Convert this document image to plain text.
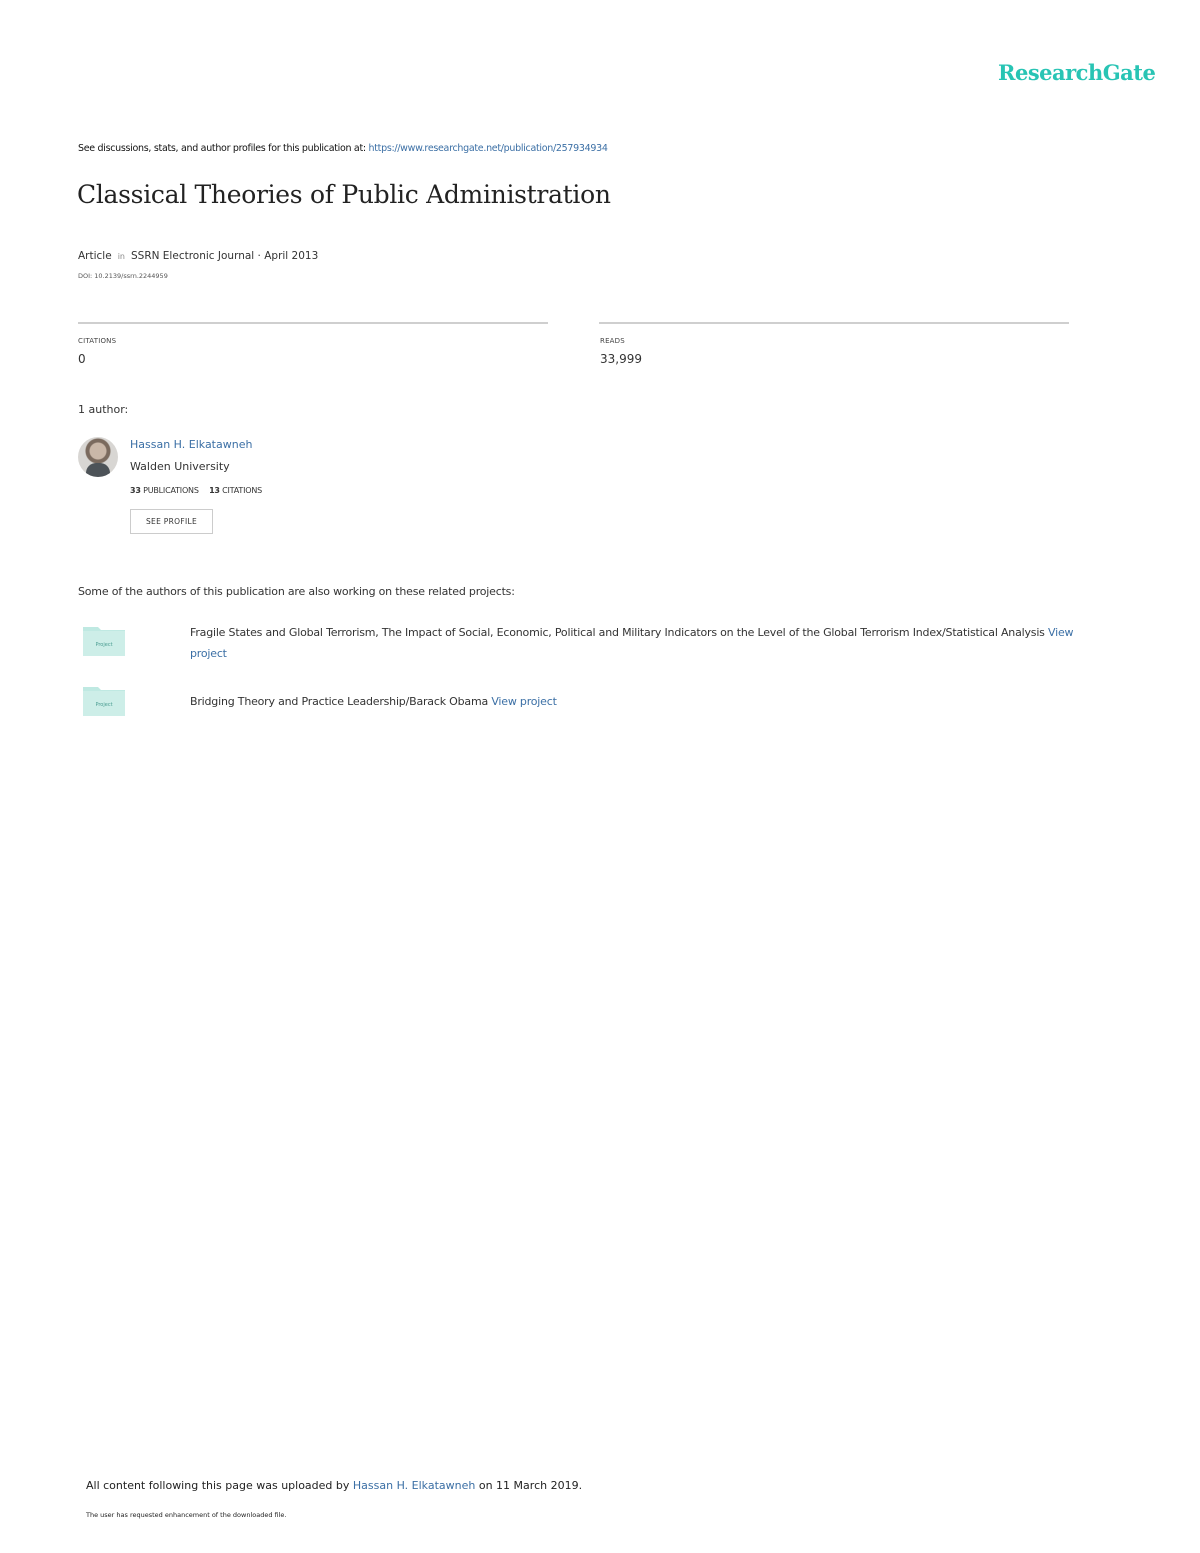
ResearchGate
See discussions, stats, and author profiles for this publication at: https://www.researchgate.net/publication/257934934
Classical Theories of Public Administration
Article in SSRN Electronic Journal · April 2013
DOI: 10.2139/ssrn.2244959
CITATIONS
0
READS
33,999
1 author:
Hassan H. Elkatawneh
Walden University
33 PUBLICATIONS 13 CITATIONS
SEE PROFILE
Some of the authors of this publication are also working on these related projects:
Project
Fragile States and Global Terrorism, The Impact of Social, Economic, Political and Military Indicators on the Level of the Global Terrorism Index/Statistical Analysis View project
Project	Bridging Theory and Practice Leadership/Barack Obama View project
All content following this page was uploaded by Hassan H. Elkatawneh on 11 March 2019.
The user has requested enhancement of the downloaded file.
